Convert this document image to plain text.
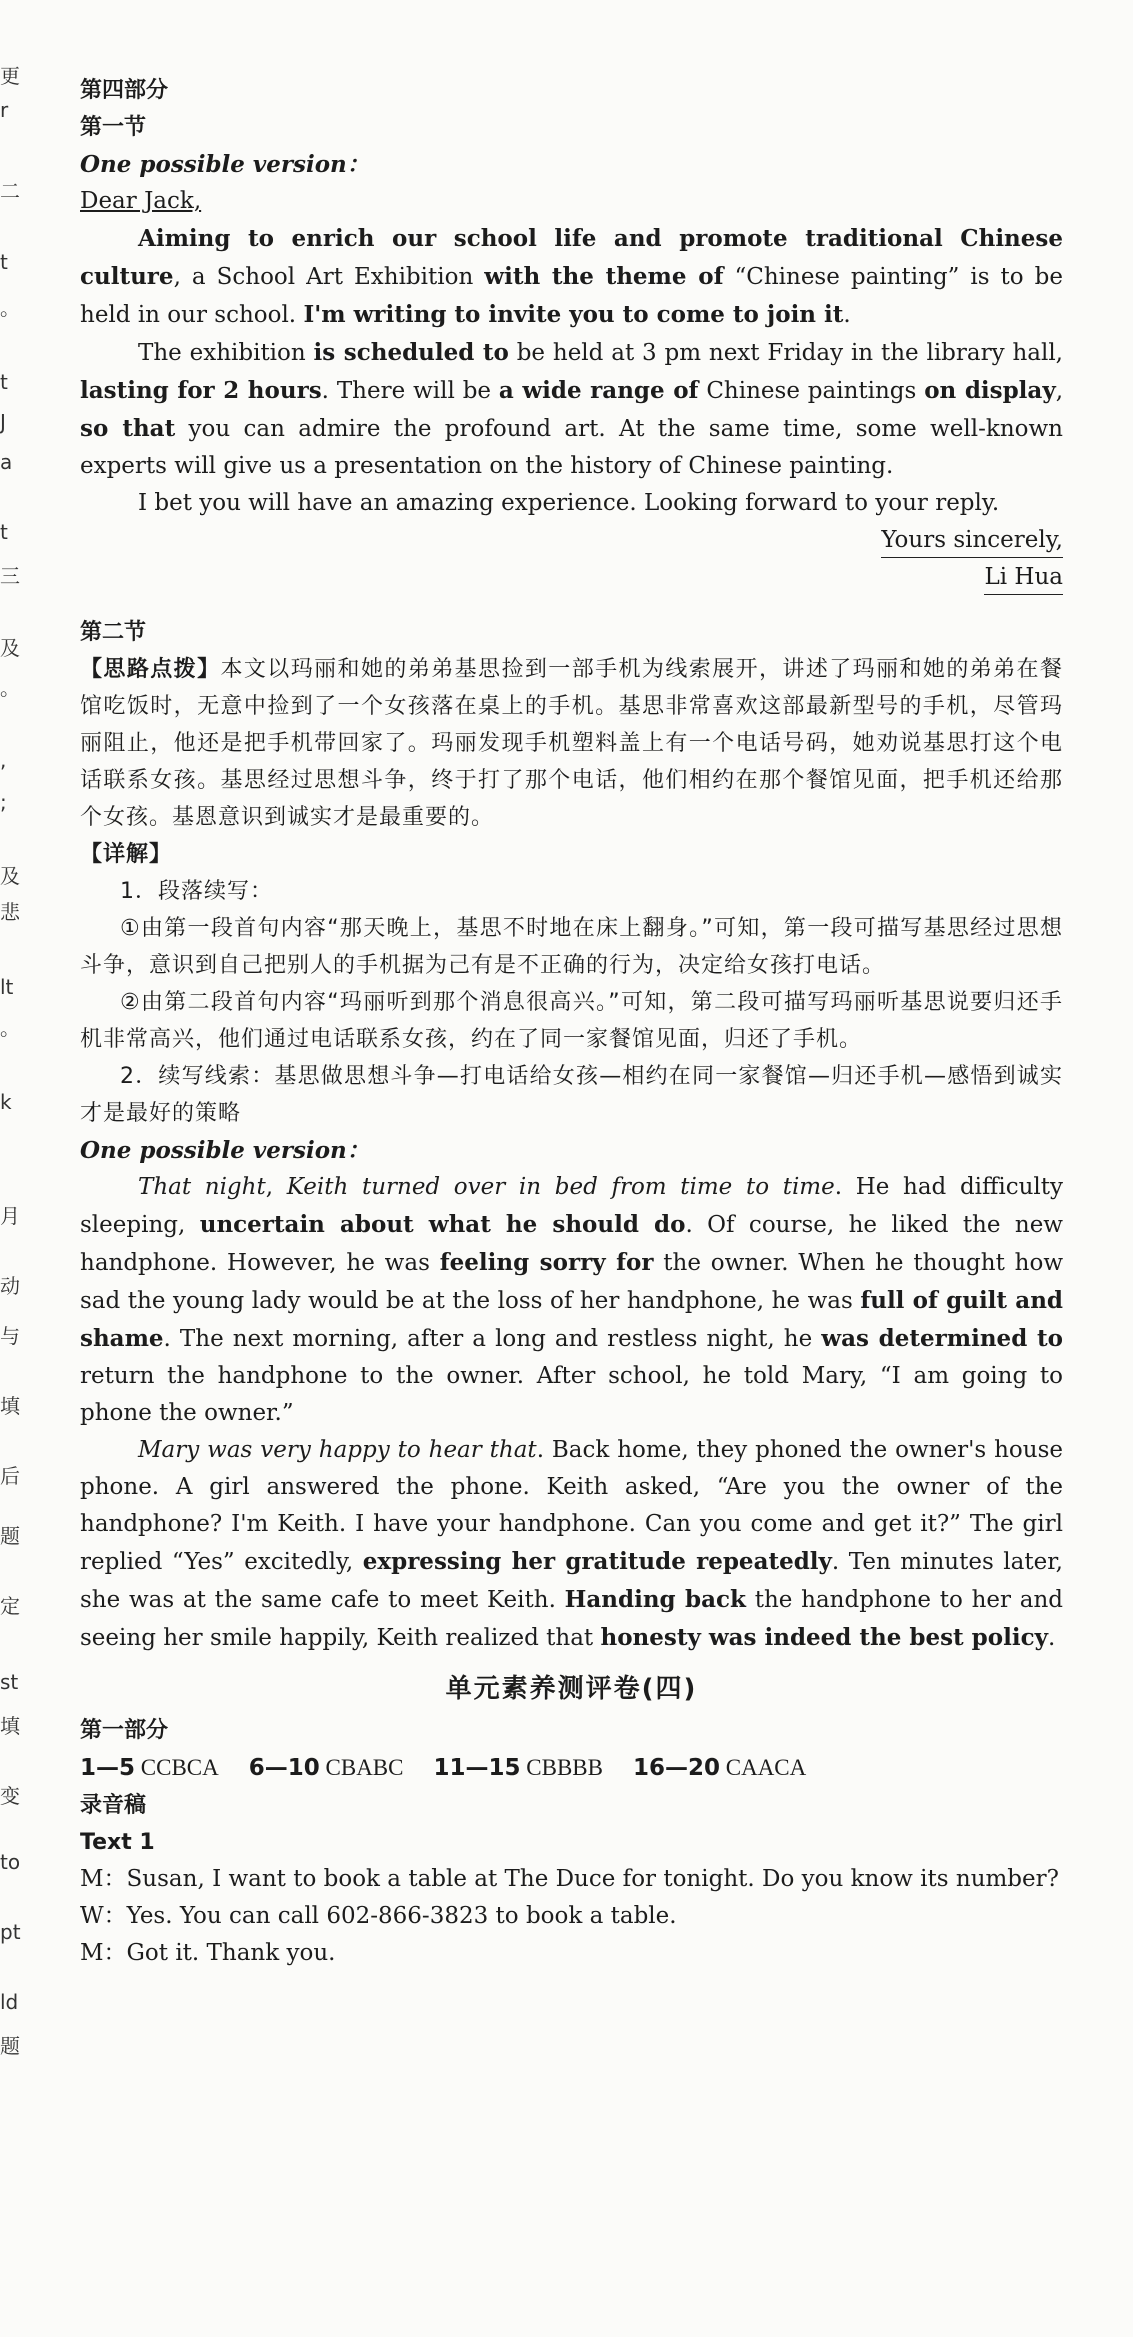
更
r
二
t
。
t
J
a
t
三
及
。
,
;
及
悲
lt
。
k
月
动
与
填
后
题
定
st
填
变
to
pt
ld
题
第四部分
第一节
One possible version：
Dear Jack,

Aiming to enrich our school life and promote traditional Chinese culture, a School Art Exhibition with the theme of “Chinese painting” is to be held in our school. I'm writing to invite you to come to join it.

The exhibition is scheduled to be held at 3 pm next Friday in the library hall, lasting for 2 hours. There will be a wide range of Chinese paintings on display, so that you can admire the profound art. At the same time, some well-known experts will give us a presentation on the history of Chinese painting.

I bet you will have an amazing experience. Looking forward to your reply.

Yours sincerely,
Li Hua
第二节

【思路点拨】本文以玛丽和她的弟弟基思捡到一部手机为线索展开，讲述了玛丽和她的弟弟在餐馆吃饭时，无意中捡到了一个女孩落在桌上的手机。基思非常喜欢这部最新型号的手机，尽管玛丽阻止，他还是把手机带回家了。玛丽发现手机塑料盖上有一个电话号码，她劝说基思打这个电话联系女孩。基思经过思想斗争，终于打了那个电话，他们相约在那个餐馆见面，把手机还给那个女孩。基恩意识到诚实才是最重要的。

【详解】

1．段落续写：

①由第一段首句内容“那天晚上，基思不时地在床上翻身。”可知，第一段可描写基思经过思想斗争，意识到自己把别人的手机据为己有是不正确的行为，决定给女孩打电话。

②由第二段首句内容“玛丽听到那个消息很高兴。”可知，第二段可描写玛丽听基思说要归还手机非常高兴，他们通过电话联系女孩，约在了同一家餐馆见面，归还了手机。

2．续写线索：基思做思想斗争—打电话给女孩—相约在同一家餐馆—归还手机—感悟到诚实才是最好的策略

One possible version：

That night, Keith turned over in bed from time to time. He had difficulty sleeping, uncertain about what he should do. Of course, he liked the new handphone. However, he was feeling sorry for the owner. When he thought how sad the young lady would be at the loss of her handphone, he was full of guilt and shame. The next morning, after a long and restless night, he was determined to return the handphone to the owner. After school, he told Mary, “I am going to phone the owner.”

Mary was very happy to hear that. Back home, they phoned the owner's house phone. A girl answered the phone. Keith asked, “Are you the owner of the handphone? I'm Keith. I have your handphone. Can you come and get it?” The girl replied “Yes” excitedly, expressing her gratitude repeatedly. Ten minutes later, she was at the same cafe to meet Keith. Handing back the handphone to her and seeing her smile happily, Keith realized that honesty was indeed the best policy.

单元素养测评卷(四)
第一部分
1—5 CCBCA 6—10 CBABC 11—15 CBBBB 16—20 CAACA
录音稿
Text 1

M：Susan, I want to book a table at The Duce for tonight. Do you know its number?

W：Yes. You can call 602-866-3823 to book a table.

M：Got it. Thank you.
